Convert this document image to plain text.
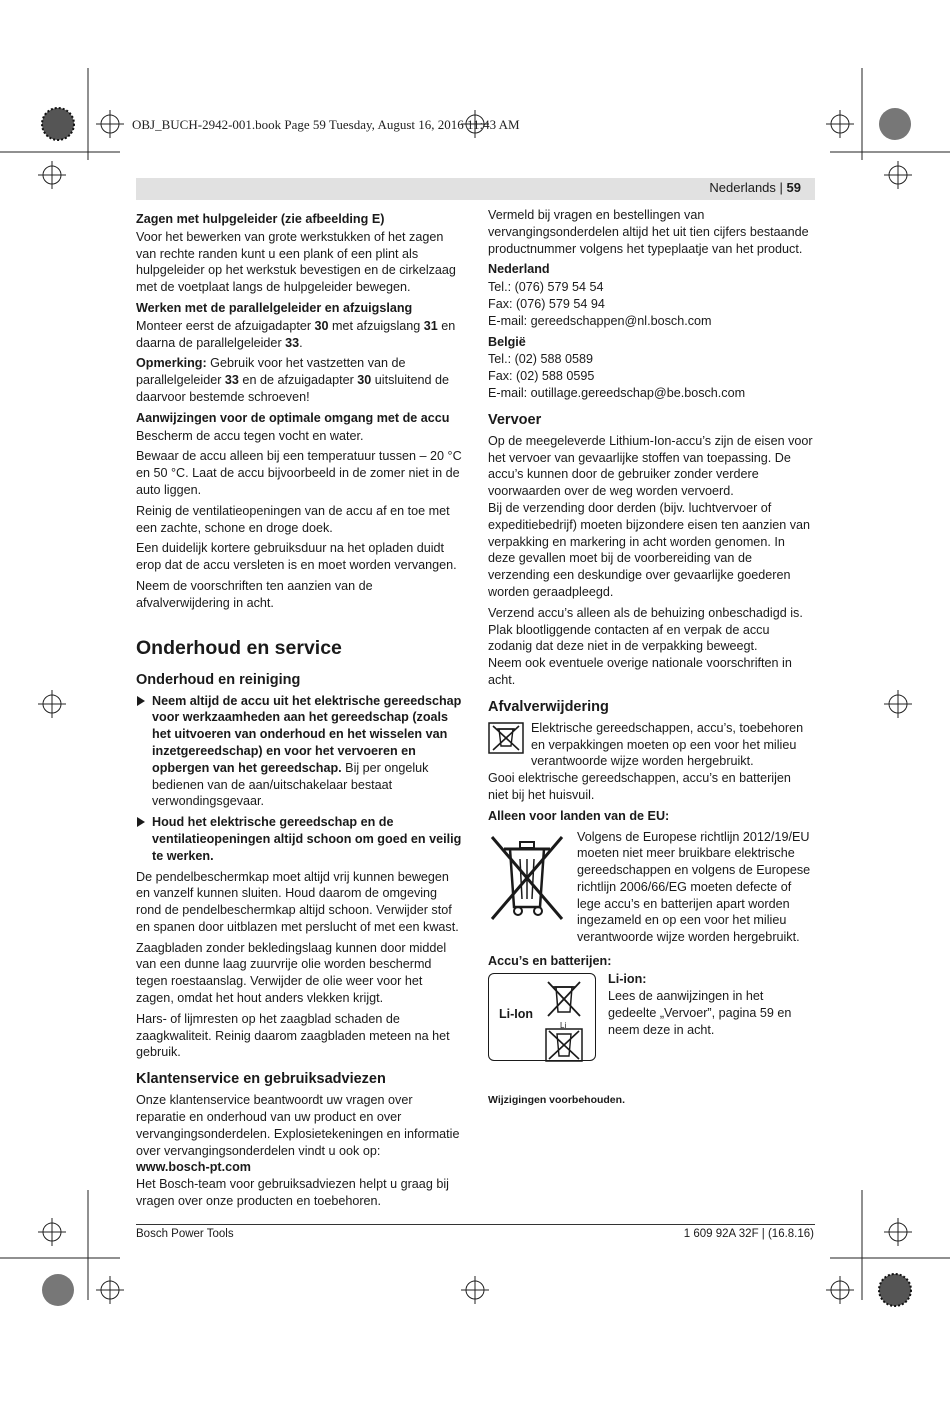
OBJ_BUCH-2942-001.book Page 59 Tuesday, August 16, 2016 11:43 AM
Nederlands | 59
Zagen met hulpgeleider (zie afbeelding E)

Voor het bewerken van grote werkstukken of het zagen van rechte randen kunt u een plank of een plint als hulpgeleider op het werkstuk bevestigen en de cirkelzaag met de voetplaat langs de hulpgeleider bewegen.

Werken met de parallelgeleider en afzuigslang

Monteer eerst de afzuigadapter 30 met afzuigslang 31 en daarna de parallelgeleider 33.

Opmerking: Gebruik voor het vastzetten van de parallelgeleider 33 en de afzuigadapter 30 uitsluitend de daarvoor bestemde schroeven!

Aanwijzingen voor de optimale omgang met de accu

Bescherm de accu tegen vocht en water.

Bewaar de accu alleen bij een temperatuur tussen – 20 °C en 50 °C. Laat de accu bijvoorbeeld in de zomer niet in de auto liggen.

Reinig de ventilatieopeningen van de accu af en toe met een zachte, schone en droge doek.

Een duidelijk kortere gebruiksduur na het opladen duidt erop dat de accu versleten is en moet worden vervangen.

Neem de voorschriften ten aanzien van de afvalverwijdering in acht.

Onderhoud en service
Onderhoud en reiniging
Neem altijd de accu uit het elektrische gereedschap voor werkzaamheden aan het gereedschap (zoals het uitvoeren van onderhoud en het wisselen van inzetgereedschap) en voor het vervoeren en opbergen van het gereedschap. Bij per ongeluk bedienen van de aan/uitschakelaar bestaat verwondingsgevaar.
Houd het elektrische gereedschap en de ventilatieopeningen altijd schoon om goed en veilig te werken.

De pendelbeschermkap moet altijd vrij kunnen bewegen en vanzelf kunnen sluiten. Houd daarom de omgeving rond de pendelbeschermkap altijd schoon. Verwijder stof en spanen door uitblazen met perslucht of met een kwast.

Zaagbladen zonder bekledingslaag kunnen door middel van een dunne laag zuurvrije olie worden beschermd tegen roestaanslag. Verwijder de olie weer voor het zagen, omdat het hout anders vlekken krijgt.

Hars- of lijmresten op het zaagblad schaden de zaagkwaliteit. Reinig daarom zaagbladen meteen na het gebruik.

Klantenservice en gebruiksadviezen

Onze klantenservice beantwoordt uw vragen over reparatie en onderhoud van uw product en over vervangingsonderdelen. Explosietekeningen en informatie over vervangingsonderdelen vindt u ook op:

www.bosch-pt.com

Het Bosch-team voor gebruiksadviezen helpt u graag bij vragen over onze producten en toebehoren.

Vermeld bij vragen en bestellingen van vervangingsonderdelen altijd het uit tien cijfers bestaande productnummer volgens het typeplaatje van het product.

Nederland

Tel.: (076) 579 54 54

Fax: (076) 579 54 94

E-mail: gereedschappen@nl.bosch.com

België

Tel.: (02) 588 0589

Fax: (02) 588 0595

E-mail: outillage.gereedschap@be.bosch.com

Vervoer

Op de meegeleverde Lithium-Ion-accu’s zijn de eisen voor het vervoer van gevaarlijke stoffen van toepassing. De accu’s kunnen door de gebruiker zonder verdere voorwaarden over de weg worden vervoerd.

Bij de verzending door derden (bijv. luchtvervoer of expeditiebedrijf) moeten bijzondere eisen ten aanzien van verpakking en markering in acht worden genomen. In deze gevallen moet bij de voorbereiding van de verzending een deskundige over gevaarlijke goederen worden geraadpleegd.

Verzend accu’s alleen als de behuizing onbeschadigd is. Plak blootliggende contacten af en verpak de accu zodanig dat deze niet in de verpakking beweegt.

Neem ook eventuele overige nationale voorschriften in acht.

Afvalverwijdering
Elektrische gereedschappen, accu’s, toebehoren en verpakkingen moeten op een voor het milieu verantwoorde wijze worden hergebruikt.

Gooi elektrische gereedschappen, accu’s en batterijen niet bij het huisvuil.

Alleen voor landen van de EU:
Volgens de Europese richtlijn 2012/19/EU moeten niet meer bruikbare elektrische gereedschappen en volgens de Europese richtlijn 2006/66/EG moeten defecte of lege accu’s en batterijen apart worden ingezameld en op een voor het milieu verantwoorde wijze worden hergebruikt.
Accu’s en batterijen:
Li-Ion
Li
Li-ion:
Lees de aanwijzingen in het gedeelte „Vervoer”, pagina 59 en neem deze in acht.
Wijzigingen voorbehouden.
Bosch Power Tools	1 609 92A 32F | (16.8.16)
